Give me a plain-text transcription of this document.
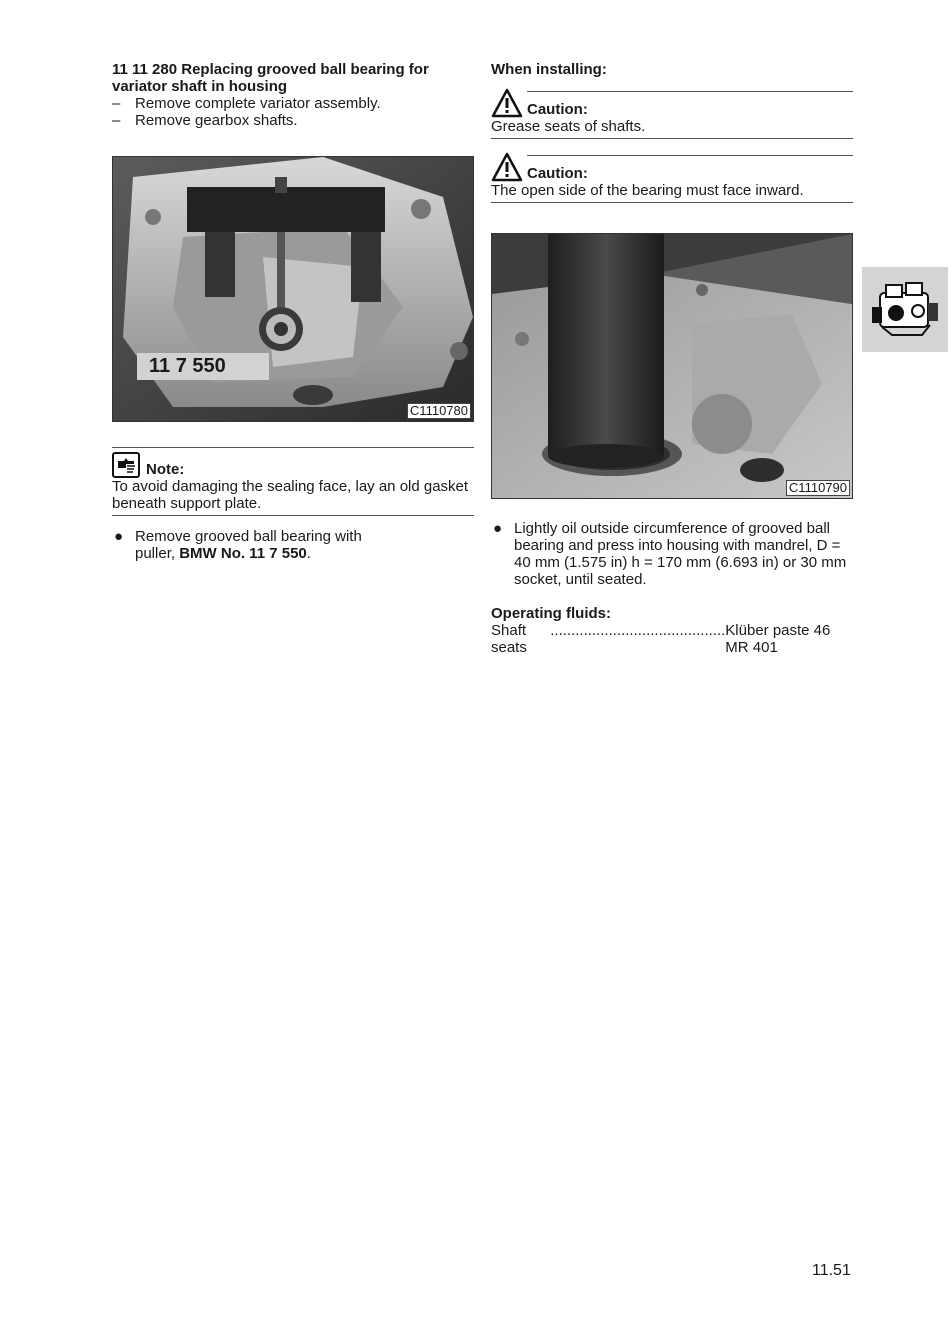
11 11 280 Replacing grooved ball bearing for variator shaft in housing

– Remove complete variator assembly.
– Remove gearbox shafts.
11 7 550
C1110780
Note:
To avoid damaging the sealing face, lay an old gasket beneath support plate.
● Remove grooved ball bearing with puller, BMW No. 11 7 550.

When installing:

Caution:
Grease seats of shafts.
Caution:
The open side of the bearing must face inward.
C1110790
● Lightly oil outside circumference of grooved ball bearing and press into housing with mandrel, D = 40 mm (1.575 in) h = 170 mm (6.693 in) or 30 mm socket, until seated.

Operating fluids:

Shaft seats
.......................................... Klüber paste 46 MR 401
11.51
